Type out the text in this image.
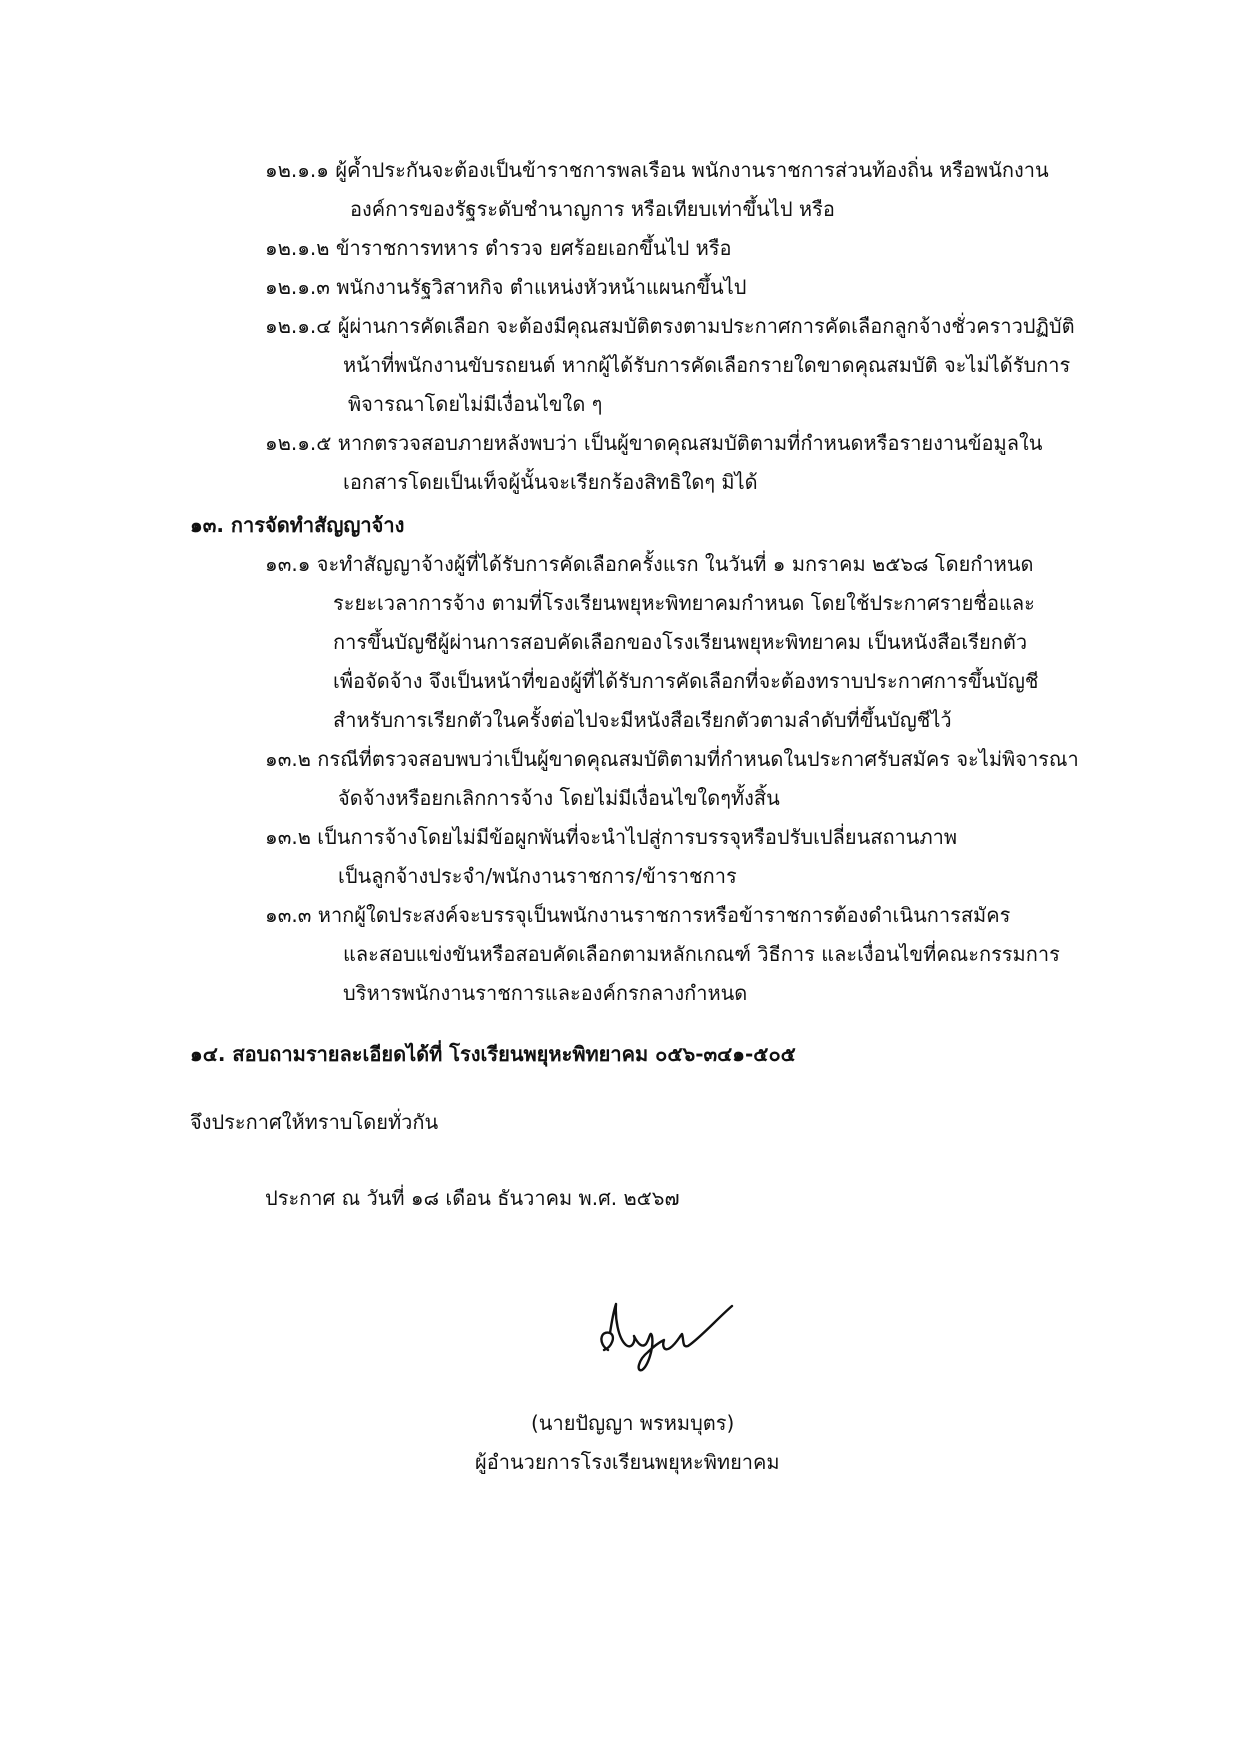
๑๒.๑.๑ ผู้ค้ำประกันจะต้องเป็นข้าราชการพลเรือน พนักงานราชการส่วนท้องถิ่น หรือพนักงาน
องค์การของรัฐระดับชำนาญการ หรือเทียบเท่าขึ้นไป หรือ
๑๒.๑.๒ ข้าราชการทหาร ตำรวจ ยศร้อยเอกขึ้นไป หรือ
๑๒.๑.๓ พนักงานรัฐวิสาหกิจ ตำแหน่งหัวหน้าแผนกขึ้นไป
๑๒.๑.๔ ผู้ผ่านการคัดเลือก จะต้องมีคุณสมบัติตรงตามประกาศการคัดเลือกลูกจ้างชั่วคราวปฏิบัติ
หน้าที่พนักงานขับรถยนต์ หากผู้ได้รับการคัดเลือกรายใดขาดคุณสมบัติ จะไม่ได้รับการ
พิจารณาโดยไม่มีเงื่อนไขใด ๆ
๑๒.๑.๕ หากตรวจสอบภายหลังพบว่า เป็นผู้ขาดคุณสมบัติตามที่กำหนดหรือรายงานข้อมูลใน
เอกสารโดยเป็นเท็จผู้นั้นจะเรียกร้องสิทธิใดๆ มิได้
๑๓. การจัดทำสัญญาจ้าง
๑๓.๑ จะทำสัญญาจ้างผู้ที่ได้รับการคัดเลือกครั้งแรก ในวันที่ ๑ มกราคม ๒๕๖๘ โดยกำหนด
ระยะเวลาการจ้าง ตามที่โรงเรียนพยุหะพิทยาคมกำหนด โดยใช้ประกาศรายชื่อและ
การขึ้นบัญชีผู้ผ่านการสอบคัดเลือกของโรงเรียนพยุหะพิทยาคม เป็นหนังสือเรียกตัว
เพื่อจัดจ้าง จึงเป็นหน้าที่ของผู้ที่ได้รับการคัดเลือกที่จะต้องทราบประกาศการขึ้นบัญชี
สำหรับการเรียกตัวในครั้งต่อไปจะมีหนังสือเรียกตัวตามลำดับที่ขึ้นบัญชีไว้
๑๓.๒ กรณีที่ตรวจสอบพบว่าเป็นผู้ขาดคุณสมบัติตามที่กำหนดในประกาศรับสมัคร จะไม่พิจารณา
จัดจ้างหรือยกเลิกการจ้าง โดยไม่มีเงื่อนไขใดๆทั้งสิ้น
๑๓.๒ เป็นการจ้างโดยไม่มีข้อผูกพันที่จะนำไปสู่การบรรจุหรือปรับเปลี่ยนสถานภาพ
เป็นลูกจ้างประจำ/พนักงานราชการ/ข้าราชการ
๑๓.๓ หากผู้ใดประสงค์จะบรรจุเป็นพนักงานราชการหรือข้าราชการต้องดำเนินการสมัคร
และสอบแข่งขันหรือสอบคัดเลือกตามหลักเกณฑ์ วิธีการ และเงื่อนไขที่คณะกรรมการ
บริหารพนักงานราชการและองค์กรกลางกำหนด
๑๔. สอบถามรายละเอียดได้ที่ โรงเรียนพยุหะพิทยาคม ๐๕๖-๓๔๑-๕๐๕
จึงประกาศให้ทราบโดยทั่วกัน
ประกาศ ณ วันที่ ๑๘ เดือน ธันวาคม พ.ศ. ๒๕๖๗
(นายปัญญา พรหมบุตร)
ผู้อำนวยการโรงเรียนพยุหะพิทยาคม
